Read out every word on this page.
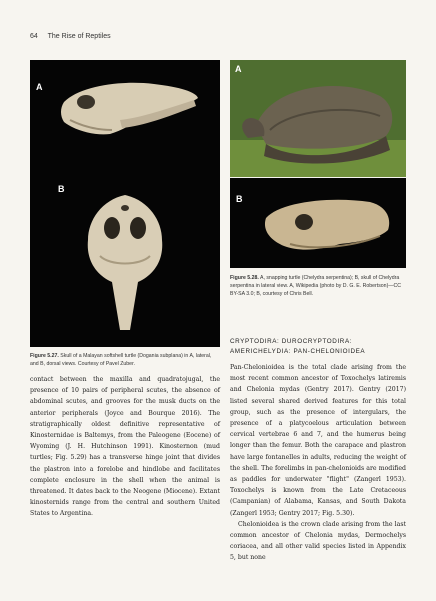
64 The Rise of Reptiles
A
B
Figure 5.27. Skull of a Malayan softshell turtle (Dogania subplana) in A, lateral, and B, dorsal views. Courtesy of Pavel Zuber.
A
B
Figure 5.28. A, snapping turtle (Chelydra serpentina); B, skull of Chelydra serpentina in lateral view. A, Wikipedia (photo by D. G. E. Robertson)—CC BY-SA 3.0; B, courtesy of Chris Bell.

contact between the maxilla and quadratojugal, the presence of 10 pairs of peripheral scutes, the absence of abdominal scutes, and grooves for the musk ducts on the anterior peripherals (Joyce and Bourque 2016). The stratigraphically oldest definitive representative of Kinosternidae is Baltemys, from the Paleogene (Eocene) of Wyoming (J. H. Hutchinson 1991). Kinosternon (mud turtles; Fig. 5.29) has a transverse hinge joint that divides the plastron into a forelobe and hindlobe and facilitates complete enclosure in the shell when the animal is threatened. It dates back to the Neogene (Miocene). Extant kinosternids range from the central and southern United States to Argentina.

CRYPTODIRA: DUROCRYPTODIRA:
AMERICHELYDIA: PAN-CHELONIOIDEA

Pan-Chelonioidea is the total clade arising from the most recent common ancestor of Toxochelys latiremis and Chelonia mydas (Gentry 2017). Gentry (2017) listed several shared derived features for this total group, such as the presence of intergulars, the presence of a platycoelous articulation between cervical vertebrae 6 and 7, and the humerus being longer than the femur. Both the carapace and plastron have large fontanelles in adults, reducing the weight of the shell. The forelimbs in pan-chelonioids are modified as paddles for underwater "flight" (Zangerl 1953). Toxochelys is known from the Late Cretaceous (Campanian) of Alabama, Kansas, and South Dakota (Zangerl 1953; Gentry 2017; Fig. 5.30).

Chelonioidea is the crown clade arising from the last common ancestor of Chelonia mydas, Dermochelys coriacea, and all other valid species listed in Appendix 5, but none
